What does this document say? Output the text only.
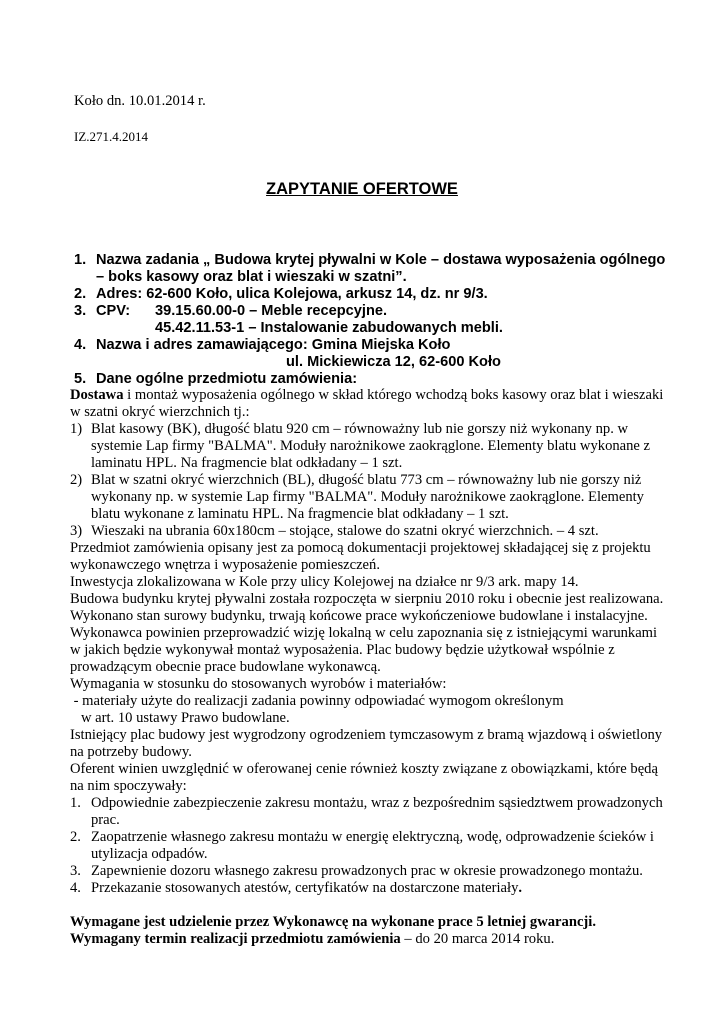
Koło dn. 10.01.2014 r.
IZ.271.4.2014
ZAPYTANIE OFERTOWE
1. Nazwa zadania „ Budowa krytej pływalni w Kole – dostawa wyposażenia ogólnego
– boks kasowy oraz blat i wieszaki w szatni”.
2. Adres: 62-600 Koło, ulica Kolejowa, arkusz 14, dz. nr 9/3.
3. CPV: 39.15.60.00-0 – Meble recepcyjne.
45.42.11.53-1 – Instalowanie zabudowanych mebli.
4. Nazwa i adres zamawiającego: Gmina Miejska Koło
ul. Mickiewicza 12, 62-600 Koło
5. Dane ogólne przedmiotu zamówienia:
Dostawa i montaż wyposażenia ogólnego w skład którego wchodzą boks kasowy oraz blat i wieszaki
w szatni okryć wierzchnich tj.:
1) Blat kasowy (BK), długość blatu 920 cm – równoważny lub nie gorszy niż wykonany np. w
systemie Lap firmy "BALMA". Moduły narożnikowe zaokrąglone. Elementy blatu wykonane z
laminatu HPL. Na fragmencie blat odkładany – 1 szt.
2) Blat w szatni okryć wierzchnich (BL), długość blatu 773 cm – równoważny lub nie gorszy niż
wykonany np. w systemie Lap firmy "BALMA". Moduły narożnikowe zaokrąglone. Elementy
blatu wykonane z laminatu HPL. Na fragmencie blat odkładany – 1 szt.
3) Wieszaki na ubrania 60x180cm – stojące, stalowe do szatni okryć wierzchnich. – 4 szt.
Przedmiot zamówienia opisany jest za pomocą dokumentacji projektowej składającej się z projektu
wykonawczego wnętrza i wyposażenie pomieszczeń.
Inwestycja zlokalizowana w Kole przy ulicy Kolejowej na działce nr 9/3 ark. mapy 14.
Budowa budynku krytej pływalni została rozpoczęta w sierpniu 2010 roku i obecnie jest realizowana.
Wykonano stan surowy budynku, trwają końcowe prace wykończeniowe budowlane i instalacyjne.
Wykonawca powinien przeprowadzić wizję lokalną w celu zapoznania się z istniejącymi warunkami
w jakich będzie wykonywał montaż wyposażenia. Plac budowy będzie użytkował wspólnie z
prowadzącym obecnie prace budowlane wykonawcą.
Wymagania w stosunku do stosowanych wyrobów i materiałów:
- materiały użyte do realizacji zadania powinny odpowiadać wymogom określonym
w art. 10 ustawy Prawo budowlane.
Istniejący plac budowy jest wygrodzony ogrodzeniem tymczasowym z bramą wjazdową i oświetlony
na potrzeby budowy.
Oferent winien uwzględnić w oferowanej cenie również koszty związane z obowiązkami, które będą
na nim spoczywały:
1. Odpowiednie zabezpieczenie zakresu montażu, wraz z bezpośrednim sąsiedztwem prowadzonych
prac.
2. Zaopatrzenie własnego zakresu montażu w energię elektryczną, wodę, odprowadzenie ścieków i
utylizacja odpadów.
3. Zapewnienie dozoru własnego zakresu prowadzonych prac w okresie prowadzonego montażu.
4. Przekazanie stosowanych atestów, certyfikatów na dostarczone materiały.
Wymagane jest udzielenie przez Wykonawcę na wykonane prace 5 letniej gwarancji.
Wymagany termin realizacji przedmiotu zamówienia – do 20 marca 2014 roku.
